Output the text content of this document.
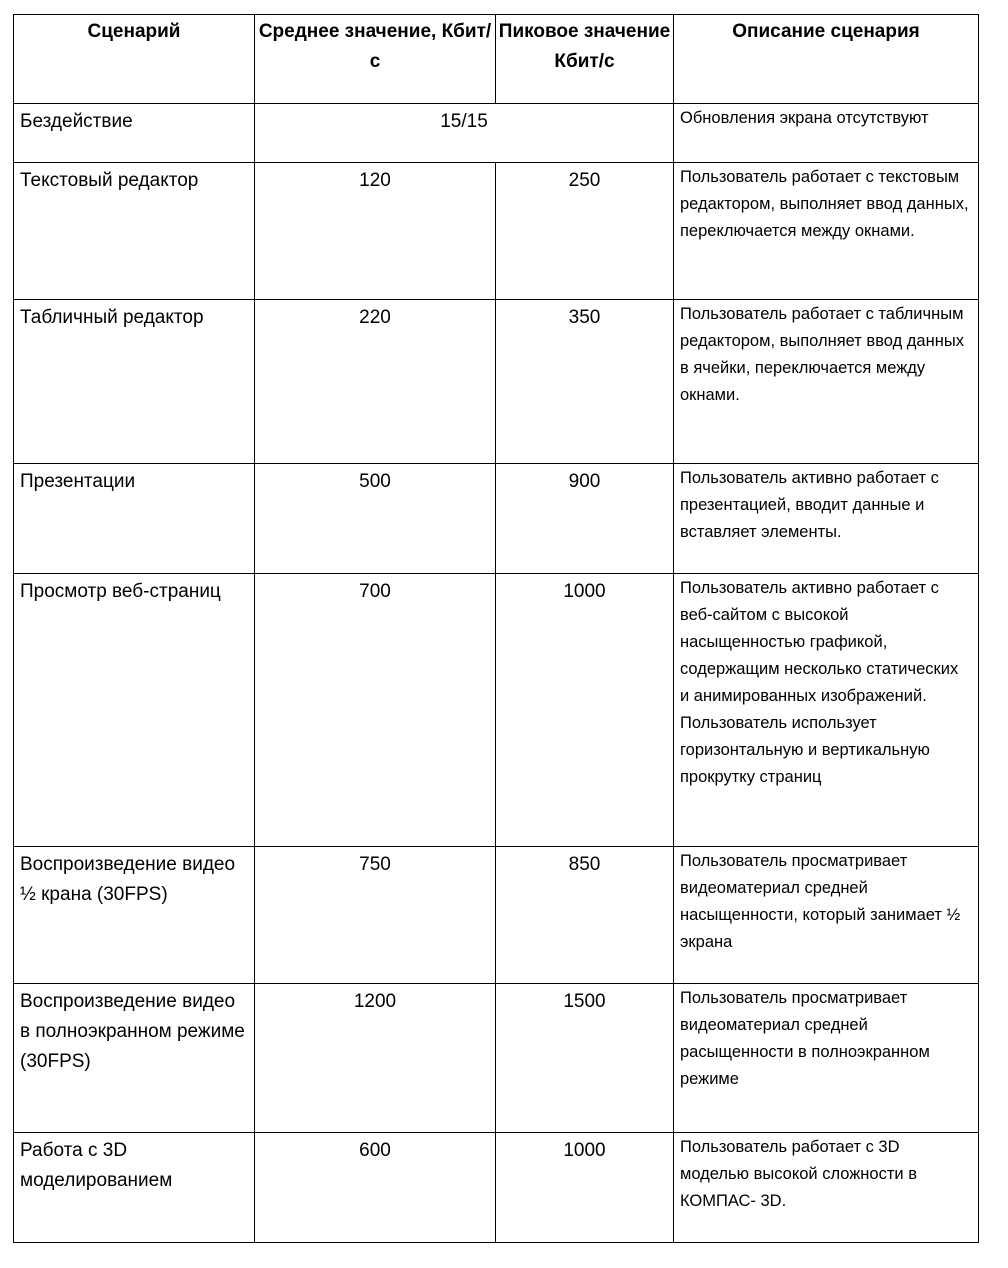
Сценарий	Среднее значение, Кбит/с	Пиковое значение Кбит/с	Описание сценария
Бездействие	15/15		Обновления экрана отсутствуют
Текстовый редактор	120	250	Пользователь работает с текстовым редактором, выполняет ввод данных, переключается между окнами.
Табличный редактор	220	350	Пользователь работает с табличным редактором, выполняет ввод данных в ячейки, переключается между окнами.
Презентации	500	900	Пользователь активно работает с презентацией, вводит данные и вставляет элементы.
Просмотр веб-страниц	700	1000	Пользователь активно работает с веб-сайтом с высокой насыщенностью графикой, содержащим несколько статических и анимированных изображений. Пользователь использует горизонтальную и вертикальную прокрутку страниц
Воспроизведение видео ½ крана (30FPS)	750	850	Пользователь просматривает видеоматериал средней насыщенности, который занимает ½ экрана
Воспроизведение видео в полноэкранном режиме (30FPS)	1200	1500	Пользователь просматривает видеоматериал средней расыщенности в полноэкранном режиме
Работа с 3D моделированием	600	1000	Пользователь работает с 3D моделью высокой сложности в КОМПАС- 3D.
